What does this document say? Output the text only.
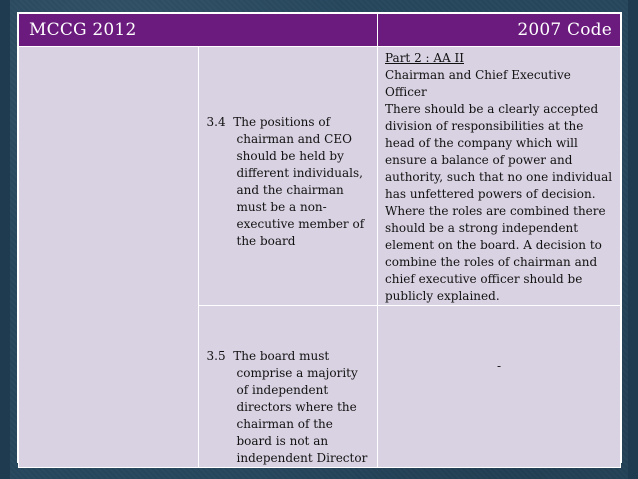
MCCG 2012		2007 Code

	3.4  The positions of chairman and CEO should be held by different individuals, and the chairman must be a non-executive member of the board	Part 2 : AA II
Chairman and Chief Executive Officer
There should be a clearly accepted division of responsibilities at the head of the company which will ensure a balance of power and authority, such that no one individual has unfettered powers of decision. Where the roles are combined there should be a strong independent element on the board. A decision to combine the roles of chairman and chief executive officer should be publicly explained.

	3.5  The board must comprise a majority of independent directors where the chairman of the board is not an independent Director	-
